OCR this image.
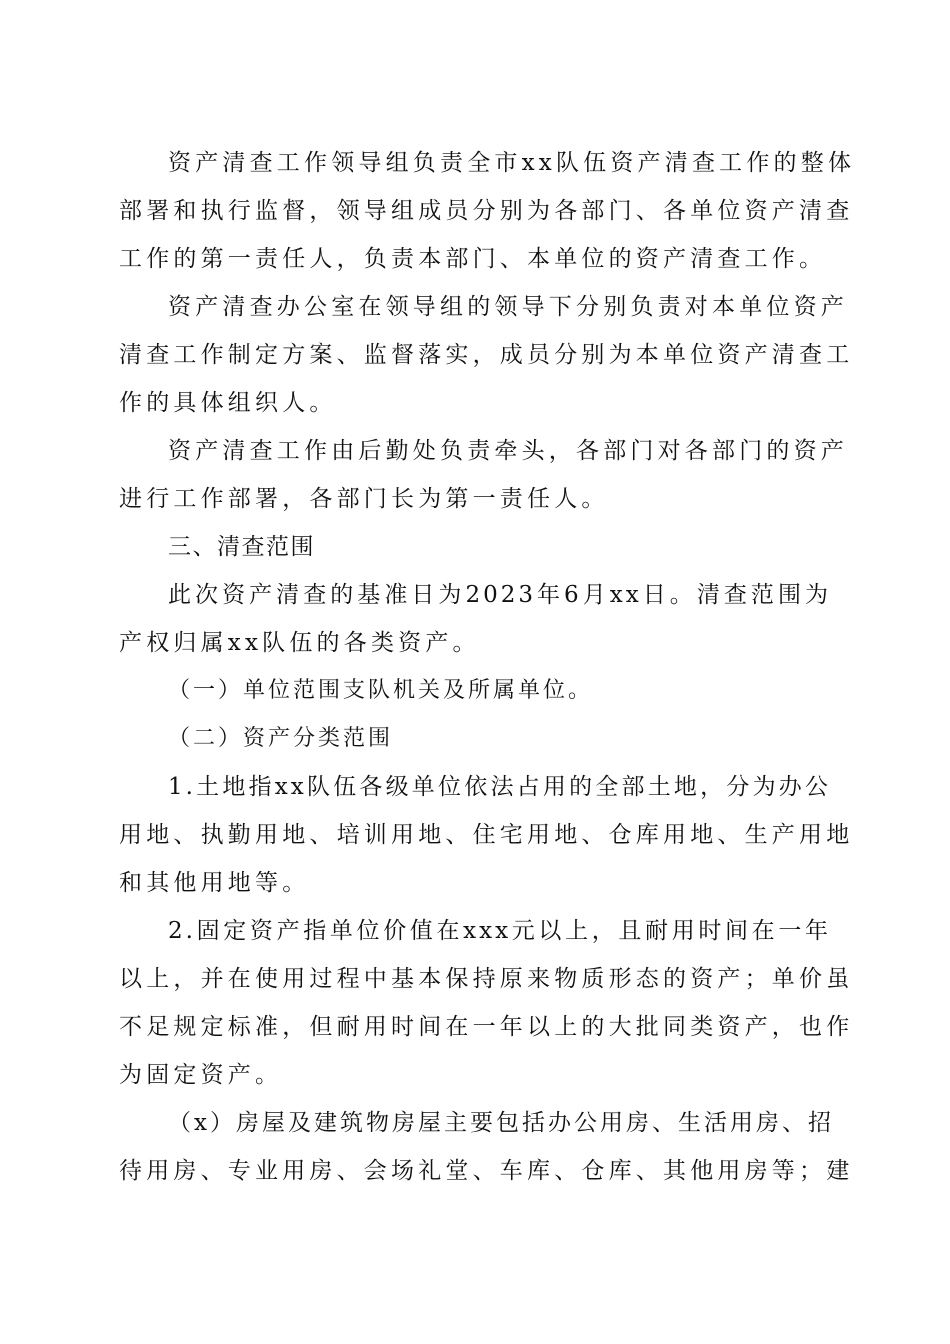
资产清查工作领导组负责全市xx队伍资产清查工作的整体
部署和执行监督，领导组成员分别为各部门、各单位资产清查
工作的第一责任人，负责本部门、本单位的资产清查工作。
资产清查办公室在领导组的领导下分别负责对本单位资产
清查工作制定方案、监督落实，成员分别为本单位资产清查工
作的具体组织人。
资产清查工作由后勤处负责牵头，各部门对各部门的资产
进行工作部署，各部门长为第一责任人。
三、清查范围
此次资产清查的基准日为2023年6月xx日。清查范围为
产权归属xx队伍的各类资产。
（一）单位范围支队机关及所属单位。
（二）资产分类范围
1.土地指xx队伍各级单位依法占用的全部土地，分为办公
用地、执勤用地、培训用地、住宅用地、仓库用地、生产用地
和其他用地等。
2.固定资产指单位价值在xxx元以上，且耐用时间在一年
以上，并在使用过程中基本保持原来物质形态的资产；单价虽
不足规定标准，但耐用时间在一年以上的大批同类资产，也作
为固定资产。
（x）房屋及建筑物房屋主要包括办公用房、生活用房、招
待用房、专业用房、会场礼堂、车库、仓库、其他用房等；建
